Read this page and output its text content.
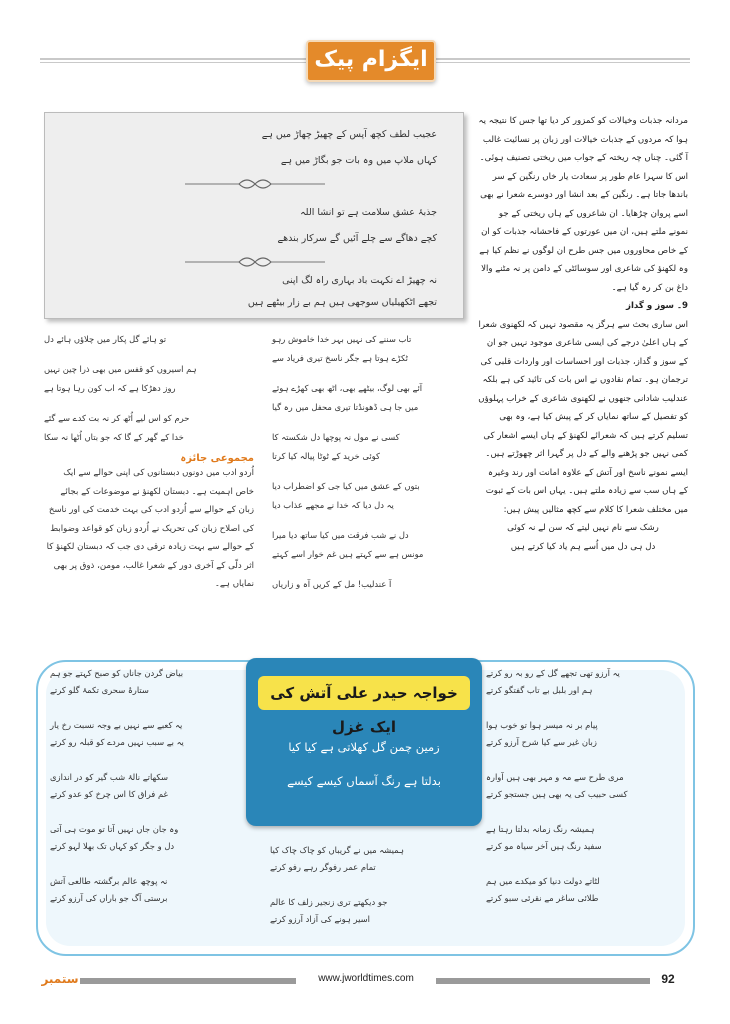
ایگزام پیک
عجیب لطف کچھ آپس کے چھیڑ چھاڑ میں ہے
کہاں ملاپ میں وہ بات جو بگاڑ میں ہے
جذبۂ عشق سلامت ہے تو انشا اللہ
کچے دھاگے سے چلے آئیں گے سرکار بندھے
نہ چھیڑ اے نکہت باد بہاری راہ لگ اپنی
تجھے اٹکھیلیاں سوجھی ہیں ہم بے زار بیٹھے ہیں

مردانہ جذبات وخیالات کو کمزور کر دیا تھا جس کا نتیجہ یہ ہوا کہ مردوں کے جذبات خیالات اور زبان پر نسائیت غالب آ گئی۔ چناں چہ ریختہ کے جواب میں ریختی تصنیف ہوئی۔ اس کا سہرا عام طور پر سعادت یار خاں رنگین کے سر باندھا جاتا ہے۔ رنگین کے بعد انشا اور دوسرے شعرا نے بھی اسے پروان چڑھایا۔ ان شاعروں کے ہاں ریختی کے جو نمونے ملتے ہیں، ان میں عورتوں کے فاحشانہ جذبات کو ان کے خاص محاوروں میں جس طرح ان لوگوں نے نظم کیا ہے وہ لکھنؤ کی شاعری اور سوسائٹی کے دامن پر نہ مٹنے والا داغ بن کر رہ گیا ہے۔

9۔ سوز و گداز

اس ساری بحث سے ہرگز یہ مقصود نہیں کہ لکھنوی شعرا کے ہاں اعلیٰ درجے کی ایسی شاعری موجود نہیں جو ان کے سوز و گداز، جذبات اور احساسات اور واردات قلبی کی ترجمان ہو۔ تمام نقادوں نے اس بات کی تائید کی ہے بلکہ عندلیب شادانی جنھوں نے لکھنوی شاعری کے خراب پہلوؤں کو تفصیل کے ساتھ نمایاں کر کے پیش کیا ہے، وہ بھی تسلیم کرتے ہیں کہ شعرائے لکھنؤ کے ہاں ایسے اشعار کی کمی نہیں جو پڑھنے والے کے دل پر گہرا اثر چھوڑتے ہیں۔ ایسے نمونے ناسخ اور آتش کے علاوہ امانت اور رند وغیرہ کے ہاں سب سے زیادہ ملتے ہیں۔ یہاں اس بات کے ثبوت میں مختلف شعرا کا کلام سے کچھ مثالیں پیش ہیں:

رشک سے نام نہیں لیتے کہ سن لے نہ کوئی

دل ہی دل میں اُسے ہم یاد کیا کرتے ہیں

تاب سننے کی نہیں بہر خدا خاموش رہو
ٹکڑے ہوتا ہے جگر ناسخ تیری فریاد سے
آئے بھی لوگ، بیٹھے بھی، اٹھ بھی کھڑے ہوئے
میں جا ہی ڈھونڈتا تیری محفل میں رہ گیا
کسی نے مول نہ پوچھا دل شکستہ کا
کوئی خرید کے ٹوٹا پیالہ کیا کرتا
بتوں کے عشق میں کیا جی کو اضطراب دیا
یہ دل دیا کہ خدا نے مجھے عذاب دیا
دل نے شب فرقت میں کیا ساتھ دیا میرا
مونس ہے سے کہتے ہیں غم خوار اسے کہتے
آ عندلیب! مل کے کریں آہ و زاریاں
تو ہائے گل پکار میں چلاؤں ہائے دل
ہم اسیروں کو قفس میں بھی ذرا چین نہیں
روز دھڑکا ہے کہ اب کون رہا ہوتا ہے
حرم کو اس لیے اُٹھ کر نہ بت کدے سے گئے
خدا کے گھر کے گا کہ جو بتاں اُٹھا نہ سکا
مجموعی جائزہ

اُردو ادب میں دونوں دبستانوں کی اپنی حوالے سے ایک خاص اہمیت ہے۔ دبستان لکھنؤ نے موضوعات کے بجائے زبان کے حوالے سے اُردو ادب کی بہت خدمت کی اور ناسخ کی اصلاح زبان کی تحریک نے اُردو زبان کو قواعد وضوابط کے حوالے سے بہت زیادہ ترقی دی جب کہ دبستان لکھنؤ کا اثر دلّی کے آخری دور کے شعرا غالب، مومن، ذوق پر بھی نمایاں ہے۔

یہ آرزو تھی تجھے گل کے رو بہ رو کرتے
ہم اور بلبل بے تاب گفتگو کرتے
پیام بر نہ میسر ہوا تو خوب ہوا
زبان غیر سے کیا شرح آرزو کرتے
مری طرح سے مہ و مہر بھی ہیں آوارہ
کسی حبیب کی یہ بھی ہیں جستجو کرتے
ہمیشہ رنگ زمانہ بدلتا رہتا ہے
سفید رنگ ہیں آخر سیاہ مو کرتے
لٹاتے دولت دنیا کو میکدے میں ہم
طلائی ساغر مے نقرئی سبو کرتے
بیاض گردن جاناں کو صبح کہتے جو ہم
ستارۂ سحری تکمۂ گلو کرتے
یہ کعبے سے نہیں بے وجہ نسبت رخ یار
یہ بے سبب نہیں مردے کو قبلہ رو کرتے
سکھاتے نالۂ شب گیر کو در اندازی
غم فراق کا اس چرخ کو عدو کرتے
وہ جان جاں نہیں آتا تو موت ہی آتی
دل و جگر کو کہاں تک بھلا لہو کرتے
نہ پوچھ عالم برگشتہ طالعی آتش
برستی آگ جو باراں کی آرزو کرتے
خواجہ حیدر علی آتش کی ایک غزل
زمین چمن گل کھلاتی ہے کیا کیا
بدلتا ہے رنگ آسماں کیسے کیسے
ہمیشہ میں نے گریباں کو چاک چاک کیا
تمام عمر رفوگر رہے رفو کرتے
جو دیکھتے تری زنجیر زلف کا عالم
اسیر ہونے کی آزاد آرزو کرتے
ستمبر	www.jworldtimes.com	92
